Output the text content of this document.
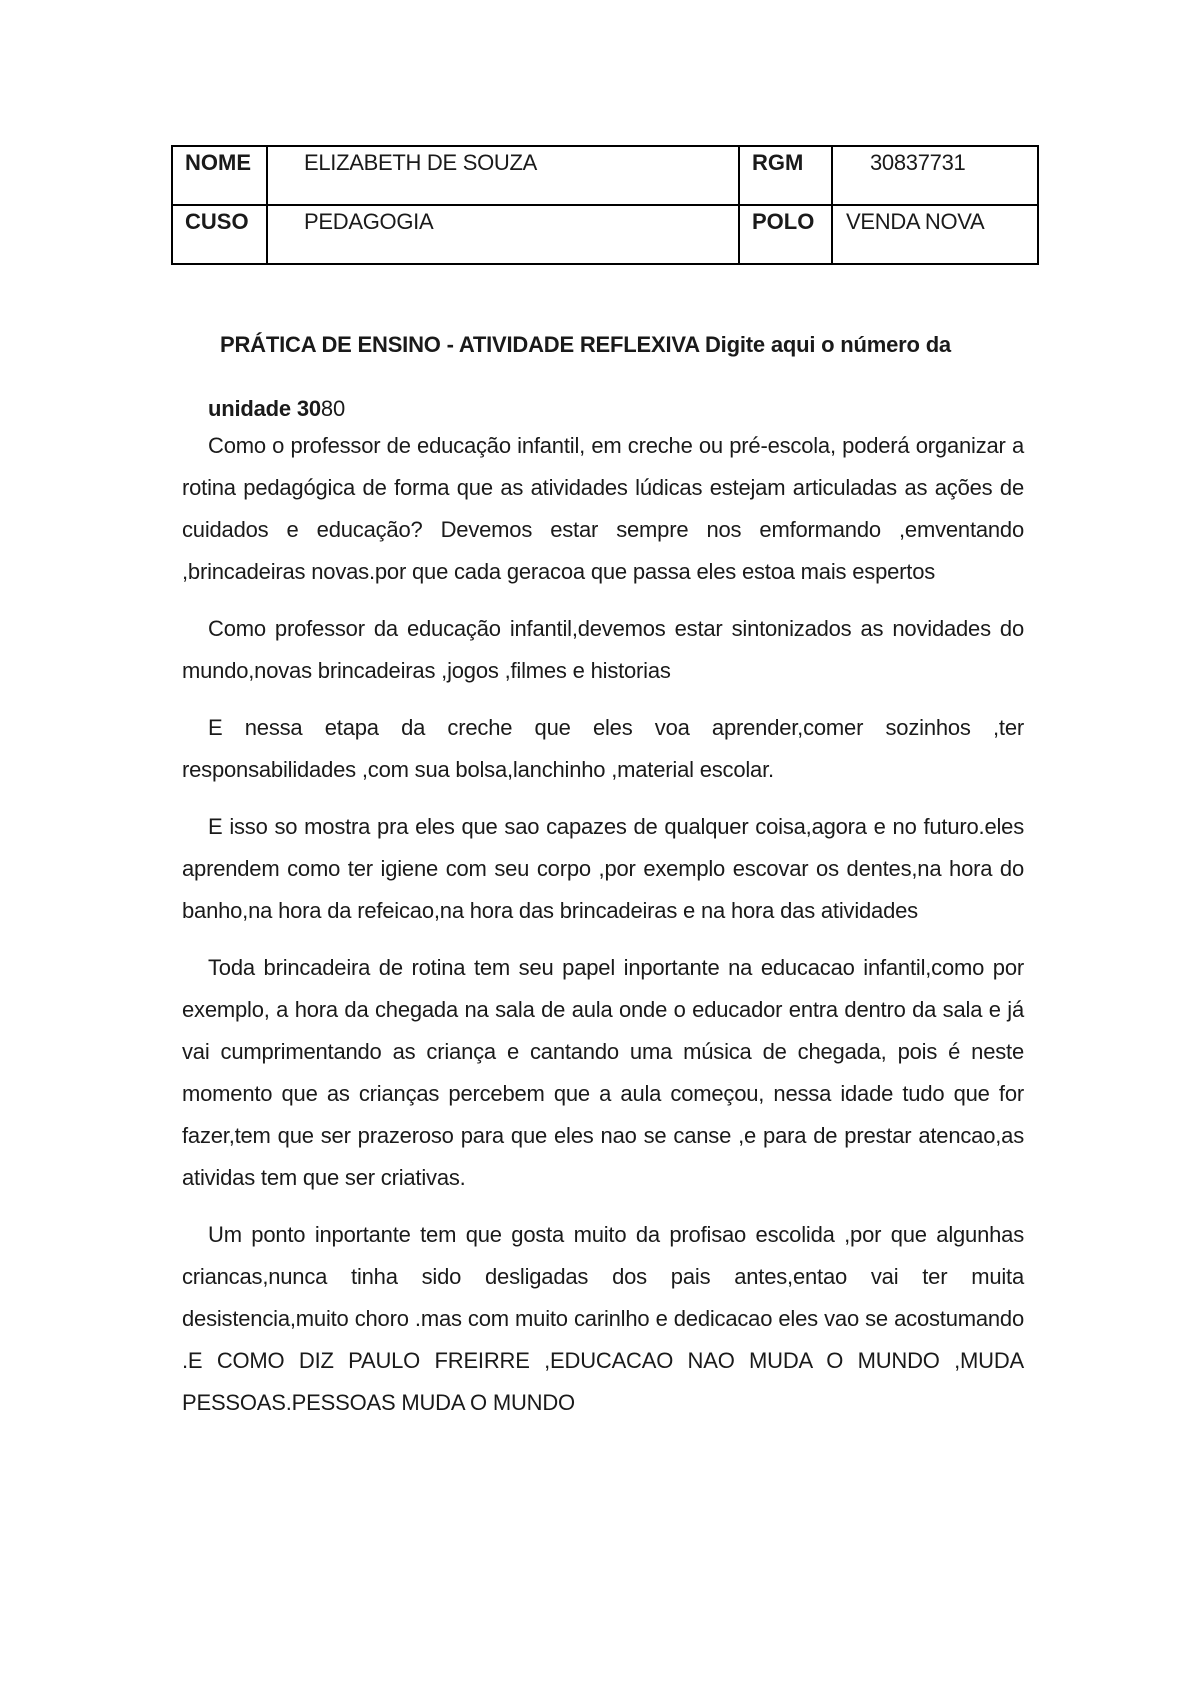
NOME	ELIZABETH DE SOUZA	RGM	30837731
CUSO	PEDAGOGIA	POLO	VENDA NOVA
PRÁTICA DE ENSINO - ATIVIDADE REFLEXIVA Digite aqui o número da unidade 3080

Como o professor de educação infantil, em creche ou pré-escola, poderá organizar a rotina pedagógica de forma que as atividades lúdicas estejam articuladas as ações de cuidados e educação? Devemos estar sempre nos emformando ,emventando ,brincadeiras novas.por que cada geracoa que passa eles estoa mais espertos

Como professor da educação infantil,devemos estar sintonizados as novidades do mundo,novas brincadeiras ,jogos ,filmes e historias

E nessa etapa da creche que eles voa aprender,comer sozinhos ,ter responsabilidades ,com sua bolsa,lanchinho ,material escolar.

E isso so mostra pra eles que sao capazes de qualquer coisa,agora e no futuro.eles aprendem como ter igiene com seu corpo ,por exemplo escovar os dentes,na hora do banho,na hora da refeicao,na hora das brincadeiras e na hora das atividades

Toda brincadeira de rotina tem seu papel inportante na educacao infantil,como por exemplo, a hora da chegada na sala de aula onde o educador entra dentro da sala e já vai cumprimentando as criança e cantando uma música de chegada, pois é neste momento que as crianças percebem que a aula começou, nessa idade tudo que for fazer,tem que ser prazeroso para que eles nao se canse ,e para de prestar atencao,as atividas tem que ser criativas.

Um ponto inportante tem que gosta muito da profisao escolida ,por que algunhas criancas,nunca tinha sido desligadas dos pais antes,entao vai ter muita desistencia,muito choro .mas com muito carinlho e dedicacao eles vao se acostumando .E COMO DIZ PAULO FREIRRE ,EDUCACAO NAO MUDA O MUNDO ,MUDA PESSOAS.PESSOAS MUDA O MUNDO
